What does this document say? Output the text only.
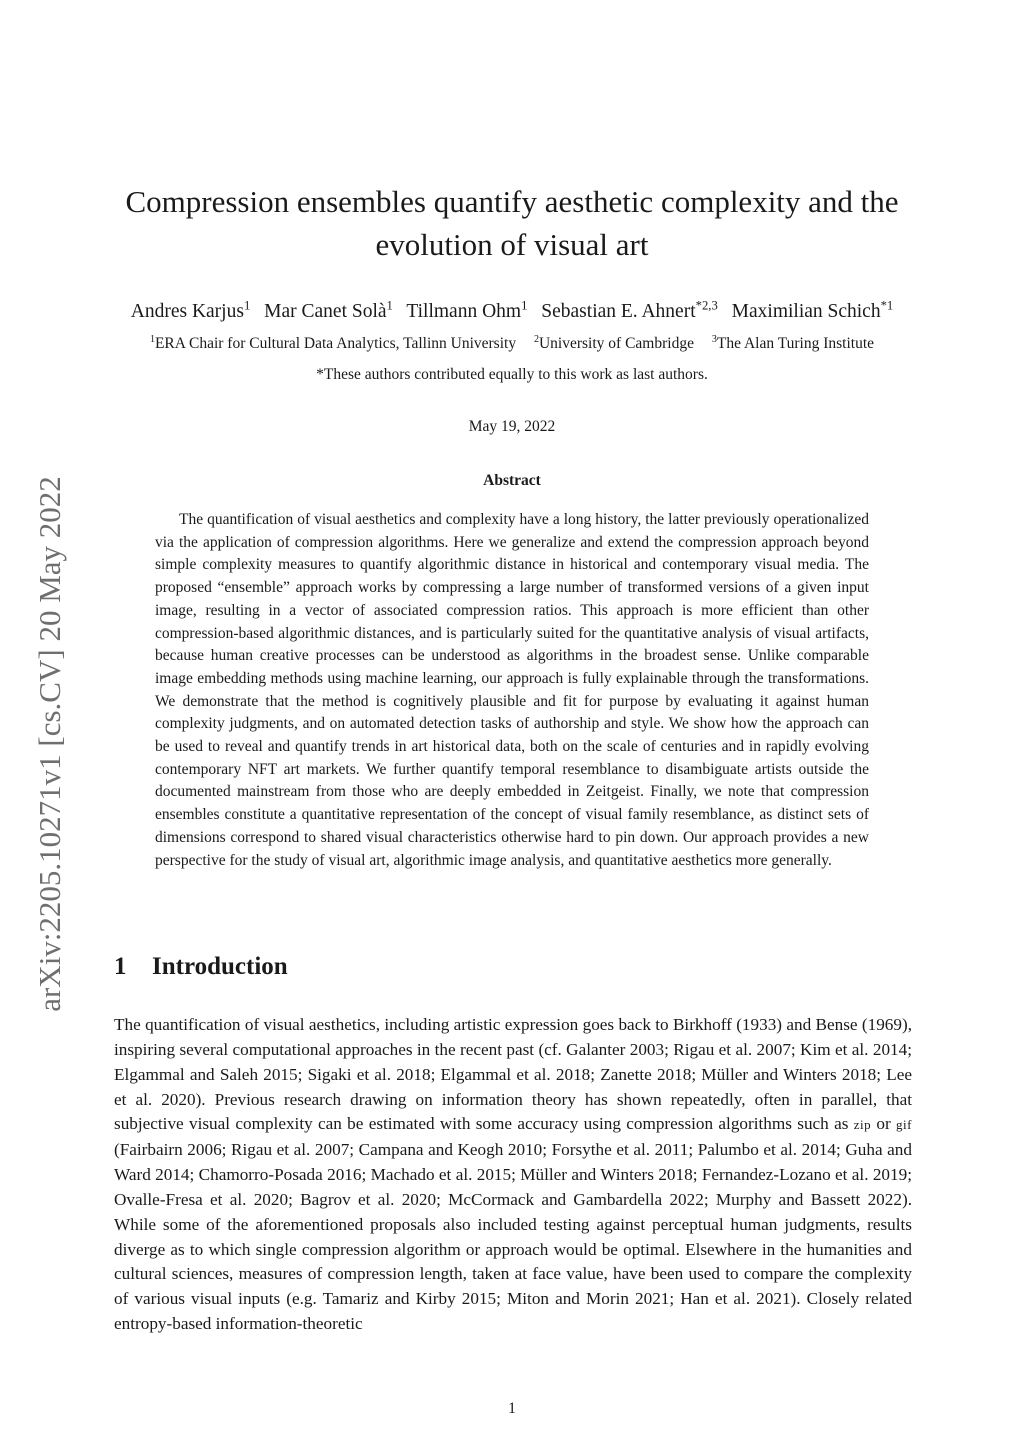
arXiv:2205.10271v1 [cs.CV] 20 May 2022
Compression ensembles quantify aesthetic complexity and the evolution of visual art
Andres Karjus$^1$ Mar Canet Solà$^1$ Tillmann Ohm$^1$ Sebastian E. Ahnert$^{*2,3}$ Maximilian Schich$^{*1}$
$^1$ERA Chair for Cultural Data Analytics, Tallinn University $^2$University of Cambridge $^3$The Alan Turing Institute
*These authors contributed equally to this work as last authors.
May 19, 2022
Abstract

The quantification of visual aesthetics and complexity have a long history, the latter previously operationalized via the application of compression algorithms. Here we generalize and extend the compression approach beyond simple complexity measures to quantify algorithmic distance in historical and contemporary visual media. The proposed “ensemble” approach works by compressing a large number of transformed versions of a given input image, resulting in a vector of associated compression ratios. This approach is more efficient than other compression-based algorithmic distances, and is particularly suited for the quantitative analysis of visual artifacts, because human creative processes can be understood as algorithms in the broadest sense. Unlike comparable image embedding methods using machine learning, our approach is fully explainable through the transformations. We demonstrate that the method is cognitively plausible and fit for purpose by evaluating it against human complexity judgments, and on automated detection tasks of authorship and style. We show how the approach can be used to reveal and quantify trends in art historical data, both on the scale of centuries and in rapidly evolving contemporary NFT art markets. We further quantify temporal resemblance to disambiguate artists outside the documented mainstream from those who are deeply embedded in Zeitgeist. Finally, we note that compression ensembles constitute a quantitative representation of the concept of visual family resemblance, as distinct sets of dimensions correspond to shared visual characteristics otherwise hard to pin down. Our approach provides a new perspective for the study of visual art, algorithmic image analysis, and quantitative aesthetics more generally.

1 Introduction

The quantification of visual aesthetics, including artistic expression goes back to Birkhoff (1933) and Bense (1969), inspiring several computational approaches in the recent past (cf. Galanter 2003; Rigau et al. 2007; Kim et al. 2014; Elgammal and Saleh 2015; Sigaki et al. 2018; Elgammal et al. 2018; Zanette 2018; Müller and Winters 2018; Lee et al. 2020). Previous research drawing on information theory has shown repeatedly, often in parallel, that subjective visual complexity can be estimated with some accuracy using compression algorithms such as zip or gif (Fairbairn 2006; Rigau et al. 2007; Campana and Keogh 2010; Forsythe et al. 2011; Palumbo et al. 2014; Guha and Ward 2014; Chamorro-Posada 2016; Machado et al. 2015; Müller and Winters 2018; Fernandez-Lozano et al. 2019; Ovalle-Fresa et al. 2020; Bagrov et al. 2020; McCormack and Gambardella 2022; Murphy and Bassett 2022). While some of the aforementioned proposals also included testing against perceptual human judgments, results diverge as to which single compression algorithm or approach would be optimal. Elsewhere in the humanities and cultural sciences, measures of compression length, taken at face value, have been used to compare the complexity of various visual inputs (e.g. Tamariz and Kirby 2015; Miton and Morin 2021; Han et al. 2021). Closely related entropy-based information-theoretic

1
